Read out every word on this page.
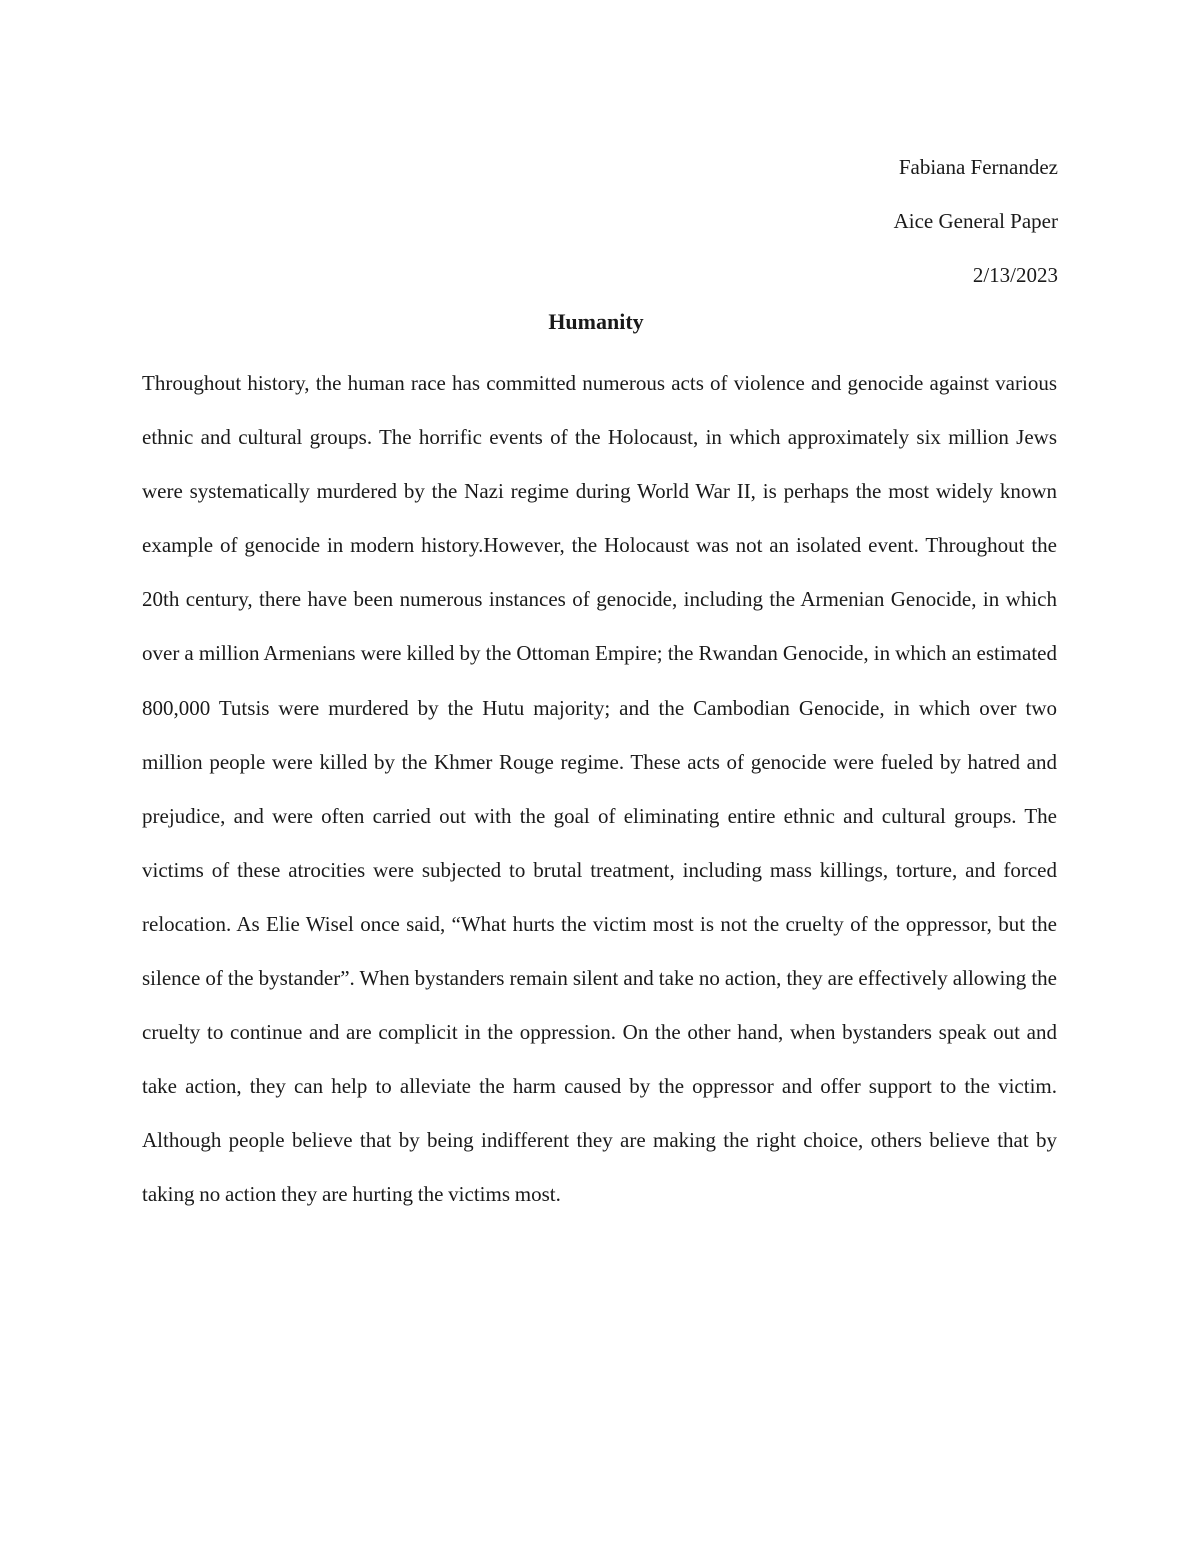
Fabiana Fernandez
Aice General Paper
2/13/2023
Humanity

Throughout history, the human race has committed numerous acts of violence and genocide against various ethnic and cultural groups. The horrific events of the Holocaust, in which approximately six million Jews were systematically murdered by the Nazi regime during World War II, is perhaps the most widely known example of genocide in modern history.However, the Holocaust was not an isolated event. Throughout the 20th century, there have been numerous instances of genocide, including the Armenian Genocide, in which over a million Armenians were killed by the Ottoman Empire; the Rwandan Genocide, in which an estimated 800,000 Tutsis were murdered by the Hutu majority; and the Cambodian Genocide, in which over two million people were killed by the Khmer Rouge regime. These acts of genocide were fueled by hatred and prejudice, and were often carried out with the goal of eliminating entire ethnic and cultural groups. The victims of these atrocities were subjected to brutal treatment, including mass killings, torture, and forced relocation. As Elie Wisel once said, “What hurts the victim most is not the cruelty of the oppressor, but the silence of the bystander”. When bystanders remain silent and take no action, they are effectively allowing the cruelty to continue and are complicit in the oppression. On the other hand, when bystanders speak out and take action, they can help to alleviate the harm caused by the oppressor and offer support to the victim. Although people believe that by being indifferent they are making the right choice, others believe that by taking no action they are hurting the victims most.
